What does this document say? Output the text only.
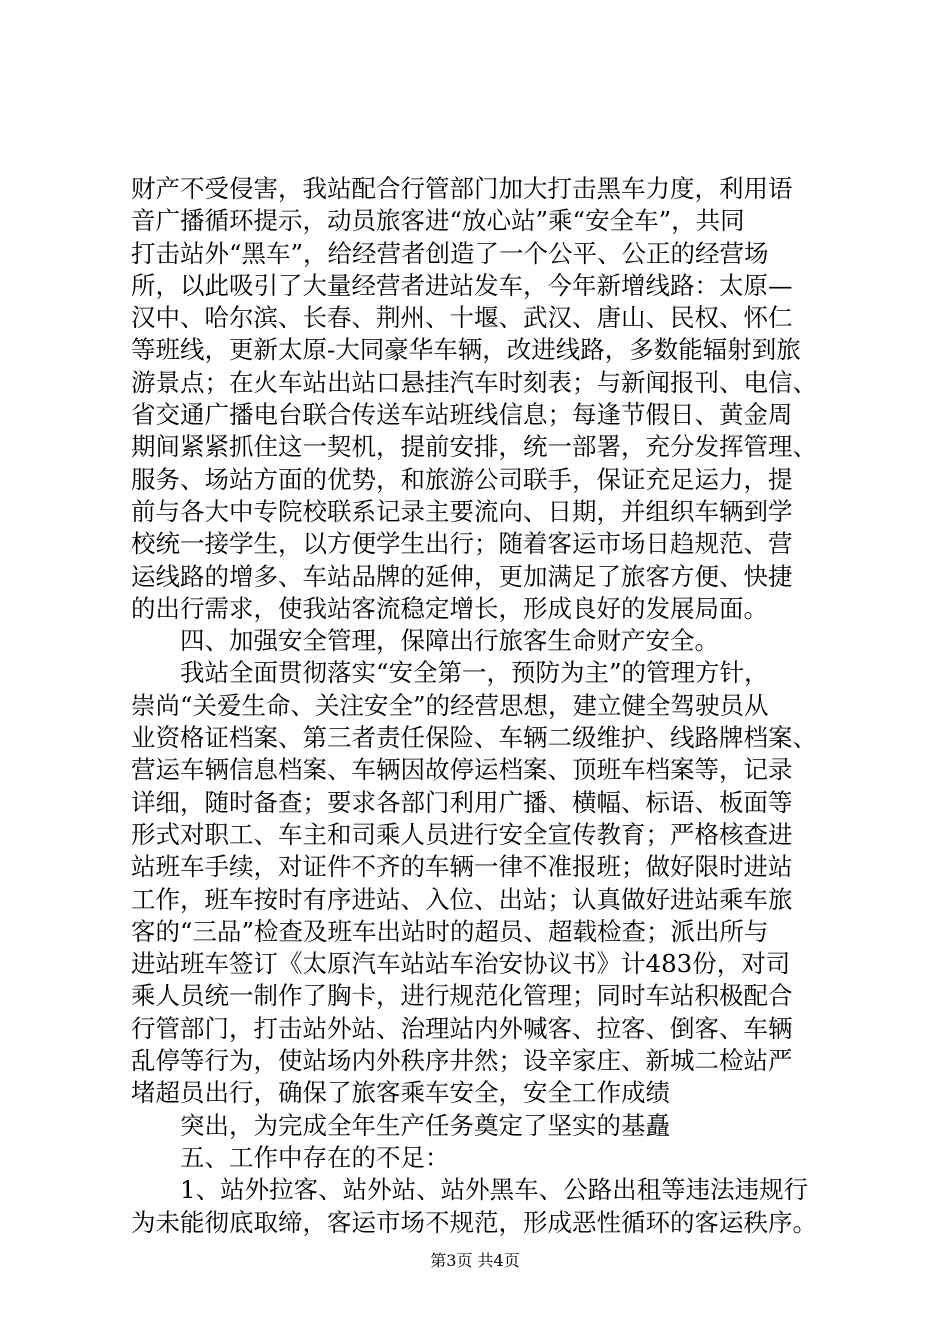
财产不受侵害，我站配合行管部门加大打击黑车力度，利用语
音广播循环提示，动员旅客进“放心站”乘“安全车”，共同
打击站外“黑车”，给经营者创造了一个公平、公正的经营场
所，以此吸引了大量经营者进站发车，今年新增线路：太原—
汉中、哈尔滨、长春、荆州、十堰、武汉、唐山、民权、怀仁
等班线，更新太原-大同豪华车辆，改进线路，多数能辐射到旅
游景点；在火车站出站口悬挂汽车时刻表；与新闻报刊、电信、
省交通广播电台联合传送车站班线信息；每逢节假日、黄金周
期间紧紧抓住这一契机，提前安排，统一部署，充分发挥管理、
服务、场站方面的优势，和旅游公司联手，保证充足运力，提
前与各大中专院校联系记录主要流向、日期，并组织车辆到学
校统一接学生，以方便学生出行；随着客运市场日趋规范、营
运线路的增多、车站品牌的延伸，更加满足了旅客方便、快捷
的出行需求，使我站客流稳定增长，形成良好的发展局面。
　　四、加强安全管理，保障出行旅客生命财产安全。
　　我站全面贯彻落实“安全第一，预防为主”的管理方针，
崇尚“关爱生命、关注安全”的经营思想，建立健全驾驶员从
业资格证档案、第三者责任保险、车辆二级维护、线路牌档案、
营运车辆信息档案、车辆因故停运档案、顶班车档案等，记录
详细，随时备查；要求各部门利用广播、横幅、标语、板面等
形式对职工、车主和司乘人员进行安全宣传教育；严格核查进
站班车手续，对证件不齐的车辆一律不准报班；做好限时进站
工作，班车按时有序进站、入位、出站；认真做好进站乘车旅
客的“三品”检查及班车出站时的超员、超载检查；派出所与
进站班车签订《太原汽车站站车治安协议书》计483份，对司
乘人员统一制作了胸卡，进行规范化管理；同时车站积极配合
行管部门，打击站外站、治理站内外喊客、拉客、倒客、车辆
乱停等行为，使站场内外秩序井然；设辛家庄、新城二检站严
堵超员出行，确保了旅客乘车安全，安全工作成绩
　　突出，为完成全年生产任务奠定了坚实的基矗
　　五、工作中存在的不足：
　　1、站外拉客、站外站、站外黑车、公路出租等违法违规行
为未能彻底取缔，客运市场不规范，形成恶性循环的客运秩序。
第3页 共4页
